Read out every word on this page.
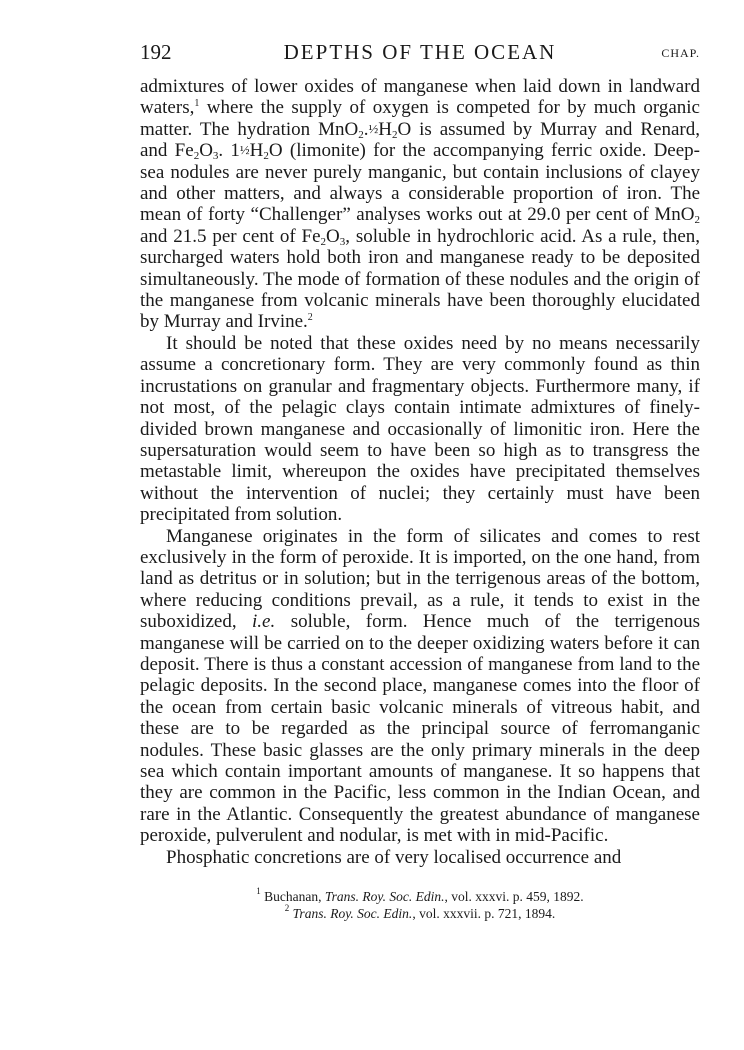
192	DEPTHS OF THE OCEAN	CHAP.

admixtures of lower oxides of manganese when laid down in landward waters,$^1$ where the supply of oxygen is competed for by much organic matter. The hydration $MnO_2.\frac{1}{2}H_2O$ is assumed by Murray and Renard, and $Fe_2O_3$. $1\frac{1}{2}H_2O$ (limonite) for the accompanying ferric oxide. Deep-sea nodules are never purely manganic, but contain inclusions of clayey and other matters, and always a considerable proportion of iron. The mean of forty “Challenger” analyses works out at 29.0 per cent of MnO$_2$ and 21.5 per cent of $Fe_2O_3$, soluble in hydrochloric acid. As a rule, then, surcharged waters hold both iron and manganese ready to be deposited simultaneously. The mode of formation of these nodules and the origin of the manganese from volcanic minerals have been thoroughly elucidated by Murray and Irvine.$^2$

It should be noted that these oxides need by no means necessarily assume a concretionary form. They are very commonly found as thin incrustations on granular and fragmentary objects. Furthermore many, if not most, of the pelagic clays contain intimate admixtures of finely-divided brown manganese and occasionally of limonitic iron. Here the supersaturation would seem to have been so high as to transgress the metastable limit, whereupon the oxides have precipitated themselves without the intervention of nuclei; they certainly must have been precipitated from solution.

Manganese originates in the form of silicates and comes to rest exclusively in the form of peroxide. It is imported, on the one hand, from land as detritus or in solution; but in the terrigenous areas of the bottom, where reducing conditions prevail, as a rule, it tends to exist in the suboxidized, i.e. soluble, form. Hence much of the terrigenous manganese will be carried on to the deeper oxidizing waters before it can deposit. There is thus a constant accession of manganese from land to the pelagic deposits. In the second place, manganese comes into the floor of the ocean from certain basic volcanic minerals of vitreous habit, and these are to be regarded as the principal source of ferromanganic nodules. These basic glasses are the only primary minerals in the deep sea which contain important amounts of manganese. It so happens that they are common in the Pacific, less common in the Indian Ocean, and rare in the Atlantic. Consequently the greatest abundance of manganese peroxide, pulverulent and nodular, is met with in mid-Pacific.

Phosphatic concretions are of very localised occurrence and

$^1$ Buchanan, Trans. Roy. Soc. Edin., vol. xxxvi. p. 459, 1892.
$^2$ Trans. Roy. Soc. Edin., vol. xxxvii. p. 721, 1894.
